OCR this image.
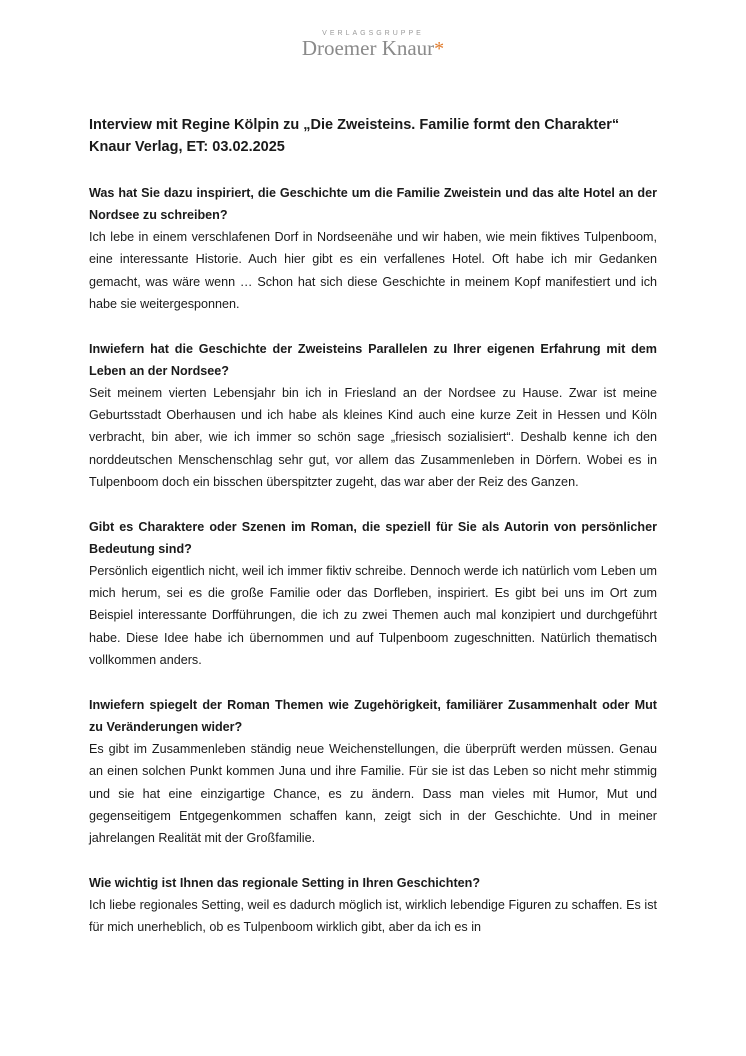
VERLAGSGRUPPE
Droemer Knaur*
Interview mit Regine Kölpin zu „Die Zweisteins. Familie formt den Charakter“
Knaur Verlag, ET: 03.02.2025

Was hat Sie dazu inspiriert, die Geschichte um die Familie Zweistein und das alte Hotel an der Nordsee zu schreiben?

Ich lebe in einem verschlafenen Dorf in Nordseenähe und wir haben, wie mein fiktives Tulpenboom, eine interessante Historie. Auch hier gibt es ein verfallenes Hotel. Oft habe ich mir Gedanken gemacht, was wäre wenn … Schon hat sich diese Geschichte in meinem Kopf manifestiert und ich habe sie weitergesponnen.

Inwiefern hat die Geschichte der Zweisteins Parallelen zu Ihrer eigenen Erfahrung mit dem Leben an der Nordsee?

Seit meinem vierten Lebensjahr bin ich in Friesland an der Nordsee zu Hause. Zwar ist meine Geburtsstadt Oberhausen und ich habe als kleines Kind auch eine kurze Zeit in Hessen und Köln verbracht, bin aber, wie ich immer so schön sage „friesisch sozialisiert“. Deshalb kenne ich den norddeutschen Menschenschlag sehr gut, vor allem das Zusammenleben in Dörfern. Wobei es in Tulpenboom doch ein bisschen überspitzter zugeht, das war aber der Reiz des Ganzen.

Gibt es Charaktere oder Szenen im Roman, die speziell für Sie als Autorin von persönlicher Bedeutung sind?

Persönlich eigentlich nicht, weil ich immer fiktiv schreibe. Dennoch werde ich natürlich vom Leben um mich herum, sei es die große Familie oder das Dorfleben, inspiriert. Es gibt bei uns im Ort zum Beispiel interessante Dorfführungen, die ich zu zwei Themen auch mal konzipiert und durchgeführt habe. Diese Idee habe ich übernommen und auf Tulpenboom zugeschnitten. Natürlich thematisch vollkommen anders.

Inwiefern spiegelt der Roman Themen wie Zugehörigkeit, familiärer Zusammenhalt oder Mut zu Veränderungen wider?

Es gibt im Zusammenleben ständig neue Weichenstellungen, die überprüft werden müssen. Genau an einen solchen Punkt kommen Juna und ihre Familie. Für sie ist das Leben so nicht mehr stimmig und sie hat eine einzigartige Chance, es zu ändern. Dass man vieles mit Humor, Mut und gegenseitigem Entgegenkommen schaffen kann, zeigt sich in der Geschichte. Und in meiner jahrelangen Realität mit der Großfamilie.

Wie wichtig ist Ihnen das regionale Setting in Ihren Geschichten?

Ich liebe regionales Setting, weil es dadurch möglich ist, wirklich lebendige Figuren zu schaffen. Es ist für mich unerheblich, ob es Tulpenboom wirklich gibt, aber da ich es in
